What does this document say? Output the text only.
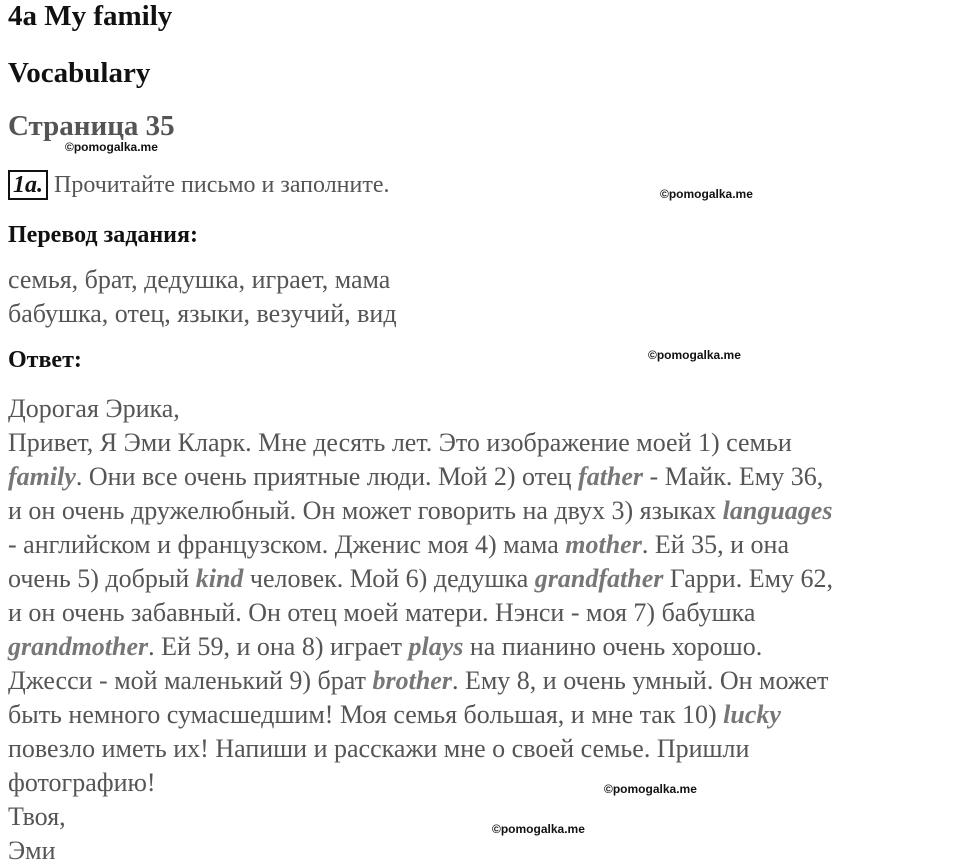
4a My family
Vocabulary
Страница 35
©pomogalka.me
©pomogalka.me
©pomogalka.me
©pomogalka.me
©pomogalka.me
1a. Прочитайте письмо и заполните.
Перевод задания:
семья, брат, дедушка, играет, мама
бабушка, отец, языки, везучий, вид
Ответ:
Дорогая Эрика,
Привет, Я Эми Кларк. Мне десять лет. Это изображение моей 1) семьи
family. Они все очень приятные люди. Мой 2) отец father - Майк. Ему 36,
и он очень дружелюбный. Он может говорить на двух 3) языках languages
- английском и французском. Дженис моя 4) мама mother. Ей 35, и она
очень 5) добрый kind человек. Мой 6) дедушка grandfather Гарри. Ему 62,
и он очень забавный. Он отец моей матери. Нэнси - моя 7) бабушка
grandmother. Ей 59, и она 8) играет plays на пианино очень хорошо.
Джесси - мой маленький 9) брат brother. Ему 8, и очень умный. Он может
быть немного сумасшедшим! Моя семья большая, и мне так 10) lucky
повезло иметь их! Напиши и расскажи мне о своей семье. Пришли
фотографию!
Твоя,
Эми
